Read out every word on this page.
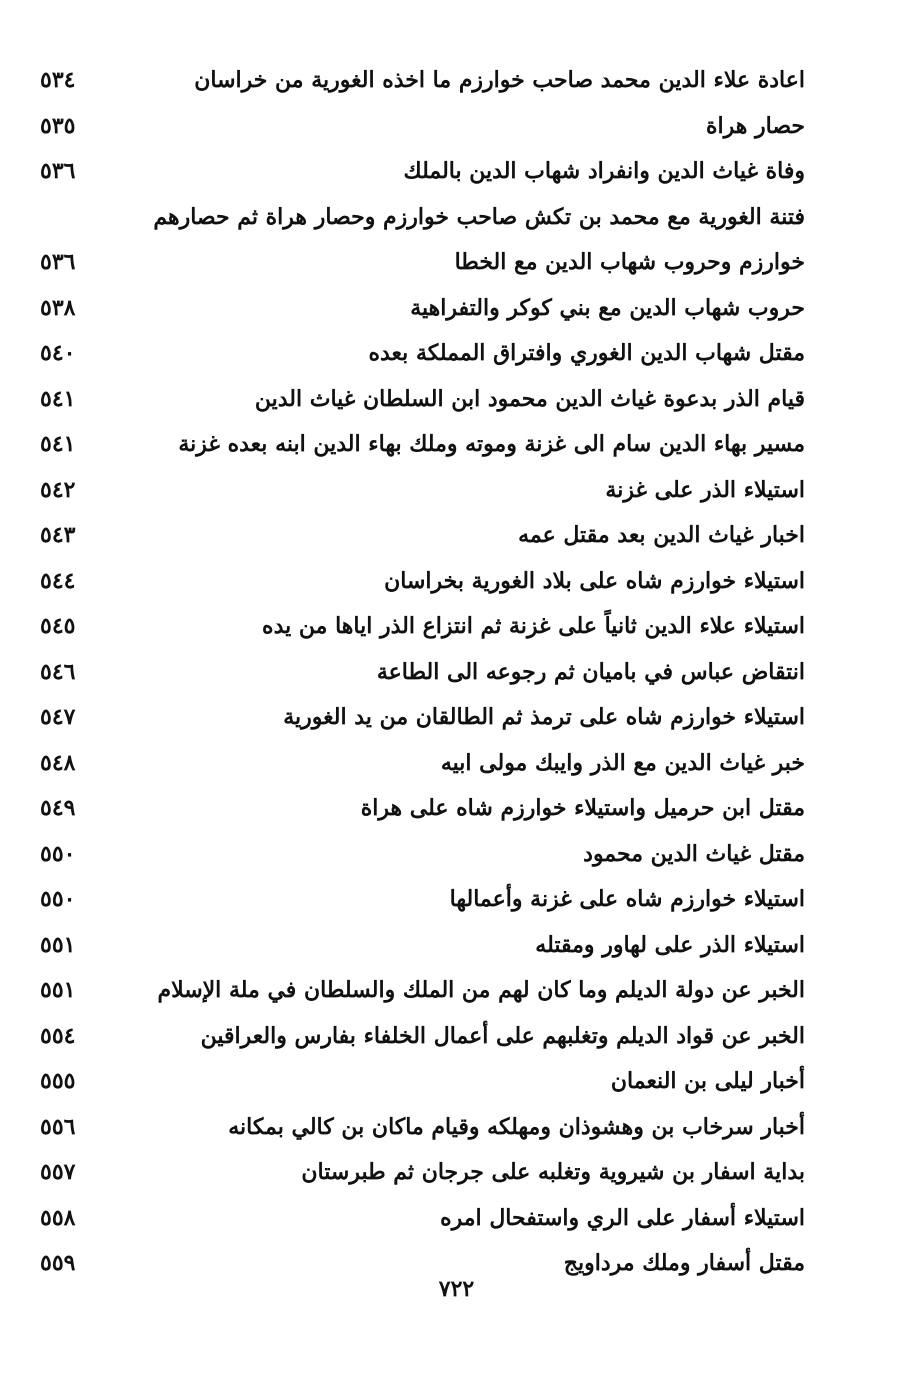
اعادة علاء الدين محمد صاحب خوارزم ما اخذه الغورية من خراسان
٥٣٤
حصار هراة
٥٣٥
وفاة غياث الدين وانفراد شهاب الدين بالملك
٥٣٦
فتنة الغورية مع محمد بن تكش صاحب خوارزم وحصار هراة ثم حصارهم
خوارزم وحروب شهاب الدين مع الخطا
٥٣٦
حروب شهاب الدين مع بني كوكر والتفراهية
٥٣٨
مقتل شهاب الدين الغوري وافتراق المملكة بعده
٥٤٠
قيام الذر بدعوة غياث الدين محمود ابن السلطان غياث الدين
٥٤١
مسير بهاء الدين سام الى غزنة وموته وملك بهاء الدين ابنه بعده غزنة
٥٤١
استيلاء الذر على غزنة
٥٤٢
اخبار غياث الدين بعد مقتل عمه
٥٤٣
استيلاء خوارزم شاه على بلاد الغورية بخراسان
٥٤٤
استيلاء علاء الدين ثانياً على غزنة ثم انتزاع الذر اياها من يده
٥٤٥
انتقاض عباس في باميان ثم رجوعه الى الطاعة
٥٤٦
استيلاء خوارزم شاه على ترمذ ثم الطالقان من يد الغورية
٥٤٧
خبر غياث الدين مع الذر وايبك مولى ابيه
٥٤٨
مقتل ابن حرميل واستيلاء خوارزم شاه على هراة
٥٤٩
مقتل غياث الدين محمود
٥٥٠
استيلاء خوارزم شاه على غزنة وأعمالها
٥٥٠
استيلاء الذر على لهاور ومقتله
٥٥١
الخبر عن دولة الديلم وما كان لهم من الملك والسلطان في ملة الإسلام
٥٥١
الخبر عن قواد الديلم وتغلبهم على أعمال الخلفاء بفارس والعراقين
٥٥٤
أخبار ليلى بن النعمان
٥٥٥
أخبار سرخاب بن وهشوذان ومهلكه وقيام ماكان بن كالي بمكانه
٥٥٦
بداية اسفار بن شيروية وتغلبه على جرجان ثم طبرستان
٥٥٧
استيلاء أسفار على الري واستفحال امره
٥٥٨
مقتل أسفار وملك مرداويج
٥٥٩
٧٢٢
